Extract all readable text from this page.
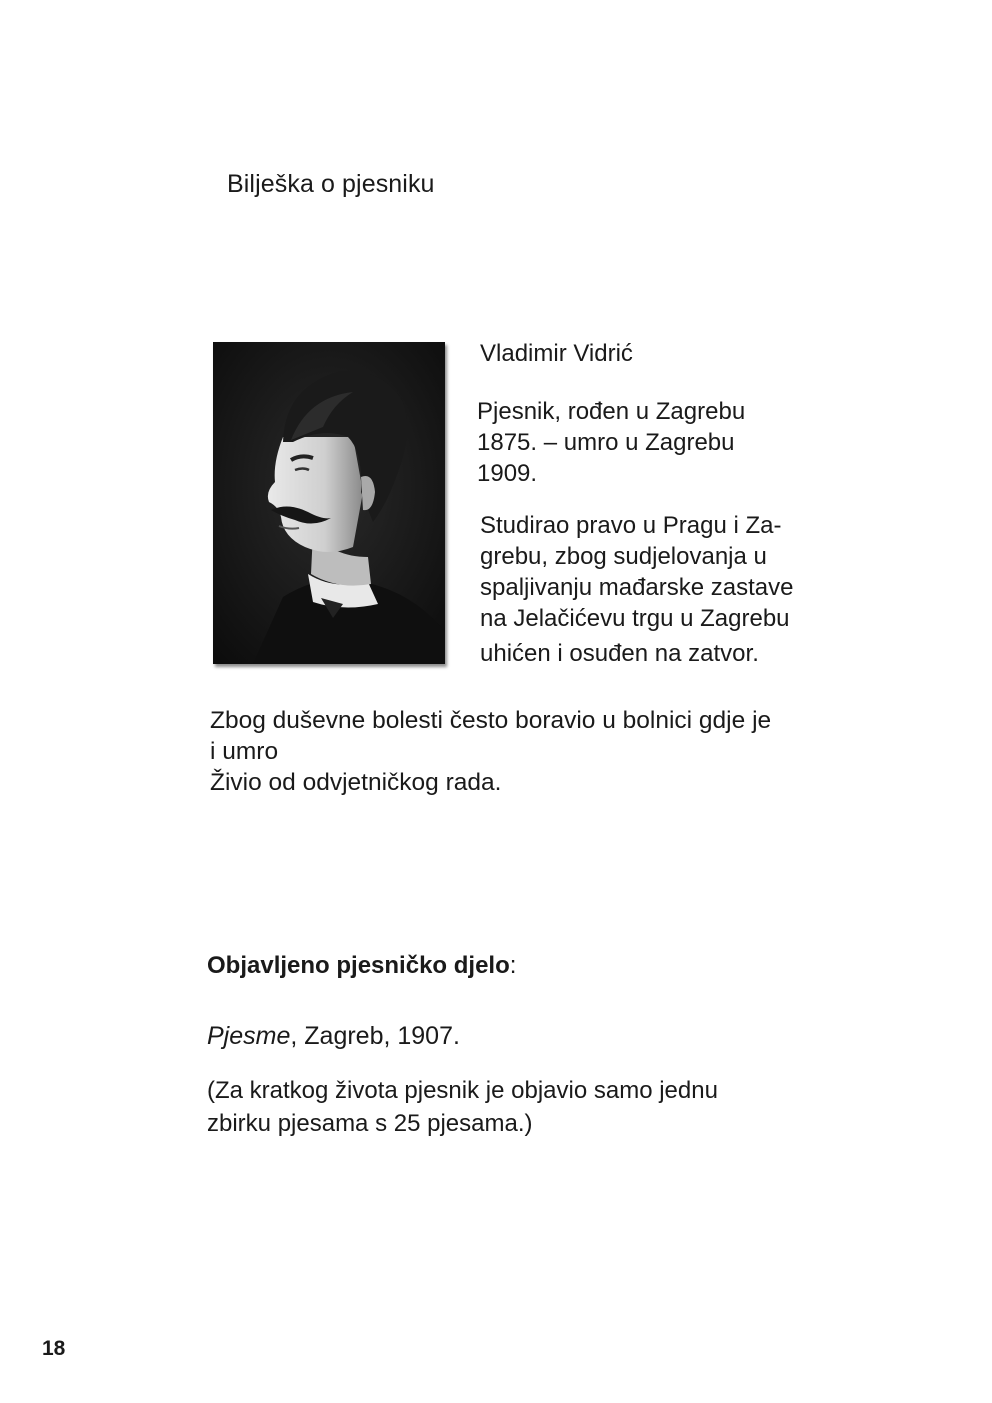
Bilješka o pjesniku
Vladimir Vidrić
Pjesnik, rođen u Zagrebu
1875. – umro u Zagrebu
1909.
Studirao pravo u Pragu i Za-
grebu, zbog sudjelovanja u
spaljivanju mađarske zastave
na Jelačićevu trgu u Zagrebu
uhićen i osuđen na zatvor.
Zbog duševne bolesti često boravio u bolnici gdje je
i umro
Živio od odvjetničkog rada.
Objavljeno pjesničko djelo:
Pjesme, Zagreb, 1907.
(Za kratkog života pjesnik je objavio samo jednu
zbirku pjesama s 25 pjesama.)
18
